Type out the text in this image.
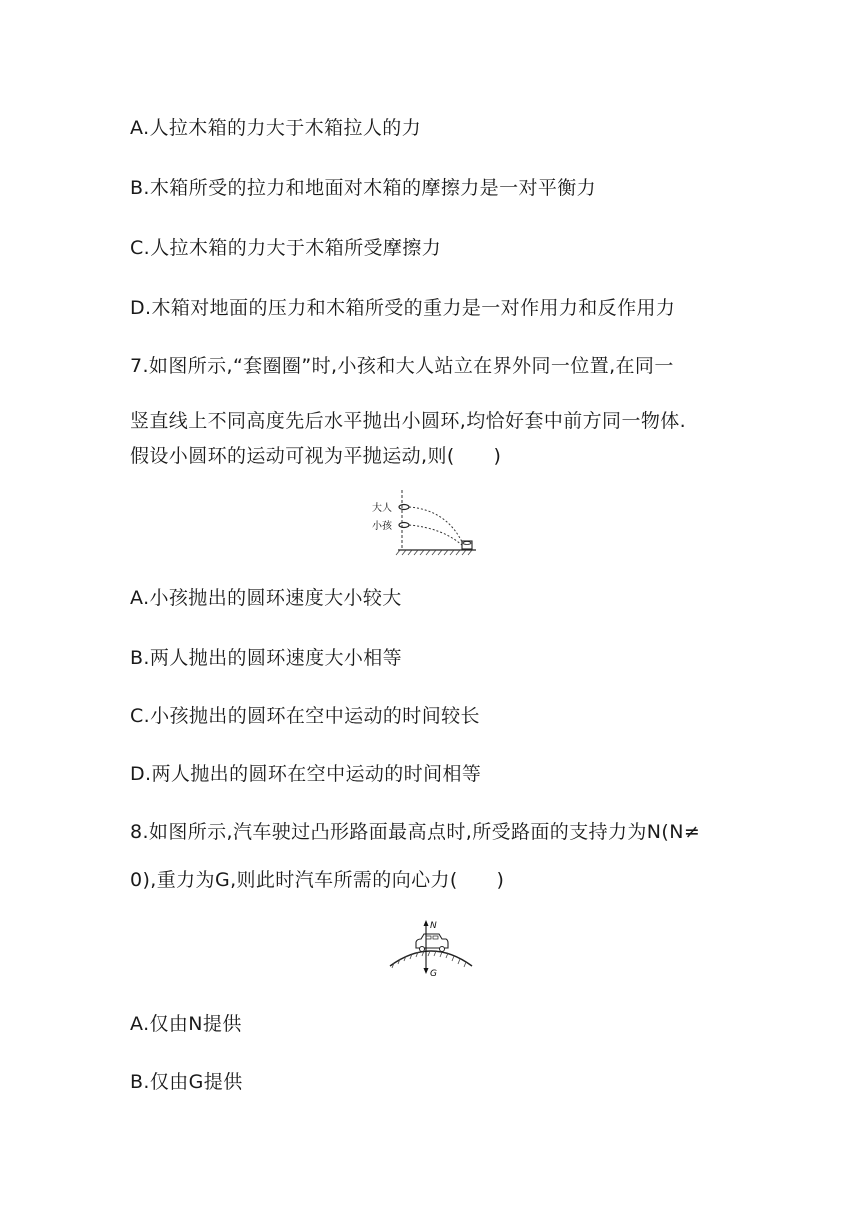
A.人拉木箱的力大于木箱拉人的力
B.木箱所受的拉力和地面对木箱的摩擦力是一对平衡力
C.人拉木箱的力大于木箱所受摩擦力
D.木箱对地面的压力和木箱所受的重力是一对作用力和反作用力
7.如图所示,“套圈圈”时,小孩和大人站立在界外同一位置,在同一
竖直线上不同高度先后水平抛出小圆环,均恰好套中前方同一物体.
假设小圆环的运动可视为平抛运动,则(　　)
大人
小孩
A.小孩抛出的圆环速度大小较大
B.两人抛出的圆环速度大小相等
C.小孩抛出的圆环在空中运动的时间较长
D.两人抛出的圆环在空中运动的时间相等
8.如图所示,汽车驶过凸形路面最高点时,所受路面的支持力为N(N≠
0),重力为G,则此时汽车所需的向心力(　　)
N
G
A.仅由N提供
B.仅由G提供
